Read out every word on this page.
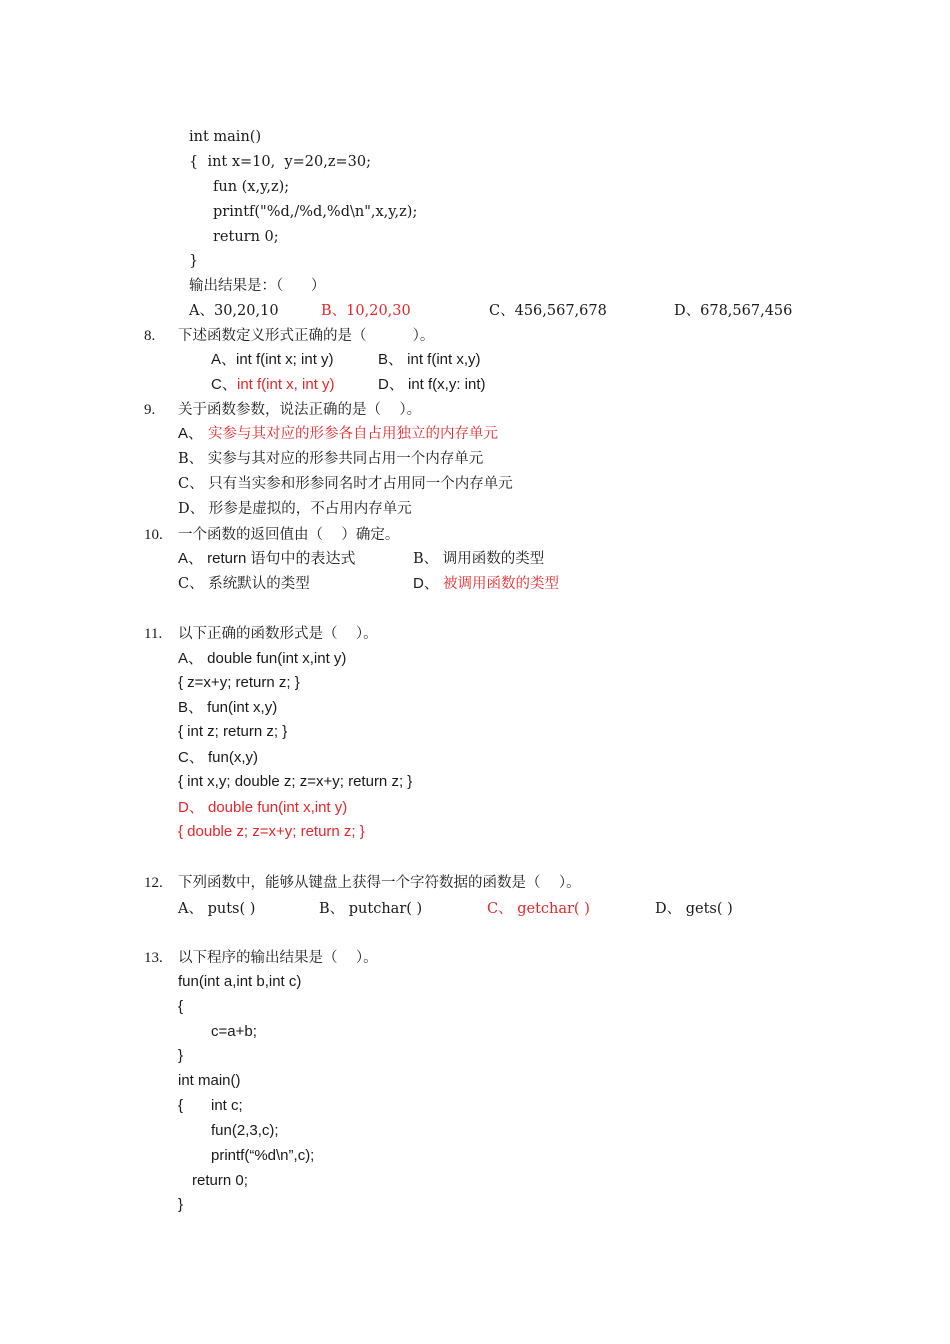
int main()
{  int x=10,  y=20,z=30;
fun (x,y,z);
printf("%d,/%d,%d\n",x,y,z);
return 0;
}
输出结果是：（      ）
A、30,20,10	B、10,20,30	C、456,567,678	D、678,567,456
8. 下述函数定义形式正确的是（          ）。
A、int f(int x; int y)	B、 int f(int x,y)
C、 int f(int x, int y)	D、 int f(x,y: int)
9. 关于函数参数，说法正确的是（    ）。
A、 实参与其对应的形参各自占用独立的内存单元
B、 实参与其对应的形参共同占用一个内存单元
C、 只有当实参和形参同名时才占用同一个内存单元
D、 形参是虚拟的，不占用内存单元
10. 一个函数的返回值由（    ）确定。
A、 return 语句中的表达式	B、 调用函数的类型
C、 系统默认的类型	D、 被调用函数的类型
11. 以下正确的函数形式是（    ）。
A、 double fun(int x,int y)
{ z=x+y; return z; }
B、 fun(int x,y)
{ int z; return z; }
C、 fun(x,y)
{ int x,y; double z; z=x+y; return z; }
D、 double fun(int x,int y)
{ double z; z=x+y; return z; }
12. 下列函数中，能够从键盘上获得一个字符数据的函数是（    ）。
A、 puts( )	B、 putchar( )	C、 getchar( )	D、 gets( )
13. 以下程序的输出结果是（    ）。
fun(int a,int b,int c)
{
c=a+b;
}
int main()
{ int c;
fun(2,3,c);
printf(“%d\n”,c);
return 0;
}
